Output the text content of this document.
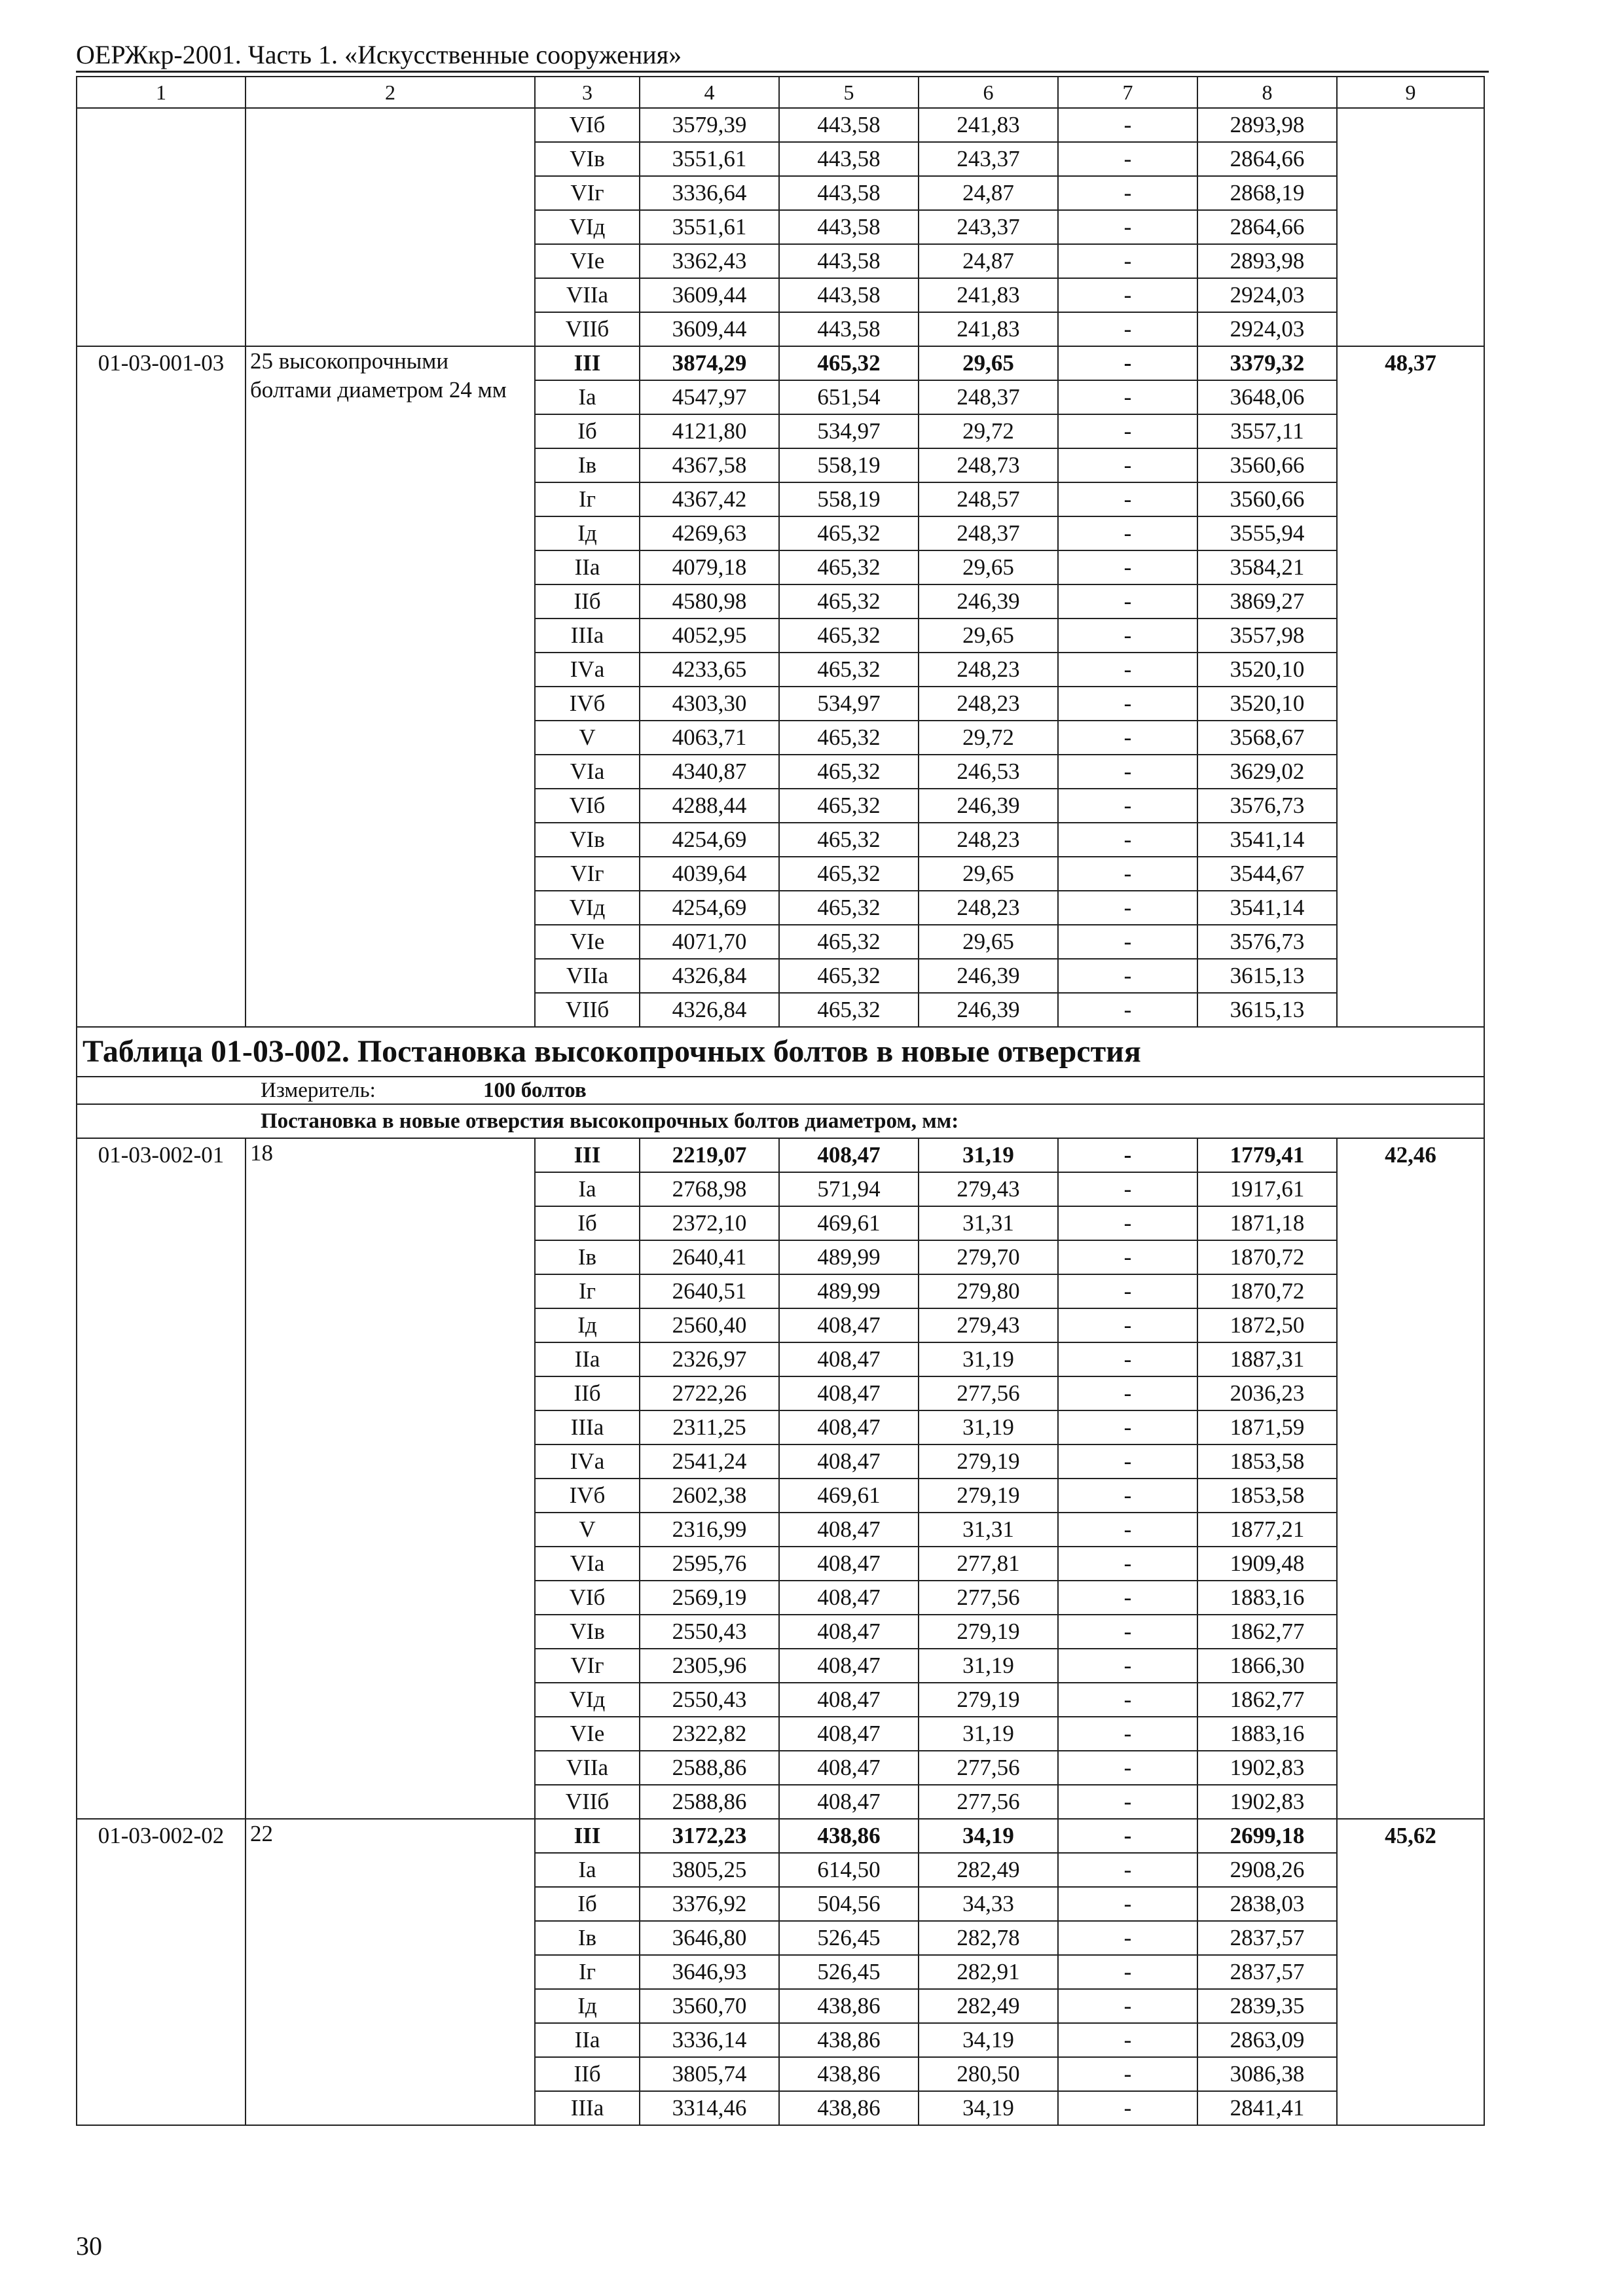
ОЕРЖкр-2001. Часть 1. «Искусственные сооружения»
1	2	3	4	5	6	7	8	9
		VIб	3579,39	443,58	241,83	-	2893,98	
		VIв	3551,61	443,58	243,37	-	2864,66	
		VIг	3336,64	443,58	24,87	-	2868,19	
		VIд	3551,61	443,58	243,37	-	2864,66	
		VIе	3362,43	443,58	24,87	-	2893,98	
		VIIа	3609,44	443,58	241,83	-	2924,03	
		VIIб	3609,44	443,58	241,83	-	2924,03	
01-03-001-03	25 высокопрочными болтами диаметром 24 мм	III	3874,29	465,32	29,65	-	3379,32	48,37
		Iа	4547,97	651,54	248,37	-	3648,06	
		Iб	4121,80	534,97	29,72	-	3557,11	
		Iв	4367,58	558,19	248,73	-	3560,66	
		Iг	4367,42	558,19	248,57	-	3560,66	
		Iд	4269,63	465,32	248,37	-	3555,94	
		IIа	4079,18	465,32	29,65	-	3584,21	
		IIб	4580,98	465,32	246,39	-	3869,27	
		IIIа	4052,95	465,32	29,65	-	3557,98	
		IVа	4233,65	465,32	248,23	-	3520,10	
		IVб	4303,30	534,97	248,23	-	3520,10	
		V	4063,71	465,32	29,72	-	3568,67	
		VIа	4340,87	465,32	246,53	-	3629,02	
		VIб	4288,44	465,32	246,39	-	3576,73	
		VIв	4254,69	465,32	248,23	-	3541,14	
		VIг	4039,64	465,32	29,65	-	3544,67	
		VIд	4254,69	465,32	248,23	-	3541,14	
		VIе	4071,70	465,32	29,65	-	3576,73	
		VIIа	4326,84	465,32	246,39	-	3615,13	
		VIIб	4326,84	465,32	246,39	-	3615,13	
Таблица 01-03-002. Постановка высокопрочных болтов в новые отверстия								
Измеритель: 100 болтов								
Постановка в новые отверстия высокопрочных болтов диаметром, мм:								
01-03-002-01	18	III	2219,07	408,47	31,19	-	1779,41	42,46
		Iа	2768,98	571,94	279,43	-	1917,61	
		Iб	2372,10	469,61	31,31	-	1871,18	
		Iв	2640,41	489,99	279,70	-	1870,72	
		Iг	2640,51	489,99	279,80	-	1870,72	
		Iд	2560,40	408,47	279,43	-	1872,50	
		IIа	2326,97	408,47	31,19	-	1887,31	
		IIб	2722,26	408,47	277,56	-	2036,23	
		IIIа	2311,25	408,47	31,19	-	1871,59	
		IVа	2541,24	408,47	279,19	-	1853,58	
		IVб	2602,38	469,61	279,19	-	1853,58	
		V	2316,99	408,47	31,31	-	1877,21	
		VIа	2595,76	408,47	277,81	-	1909,48	
		VIб	2569,19	408,47	277,56	-	1883,16	
		VIв	2550,43	408,47	279,19	-	1862,77	
		VIг	2305,96	408,47	31,19	-	1866,30	
		VIд	2550,43	408,47	279,19	-	1862,77	
		VIе	2322,82	408,47	31,19	-	1883,16	
		VIIа	2588,86	408,47	277,56	-	1902,83	
		VIIб	2588,86	408,47	277,56	-	1902,83	
01-03-002-02	22	III	3172,23	438,86	34,19	-	2699,18	45,62
		Iа	3805,25	614,50	282,49	-	2908,26	
		Iб	3376,92	504,56	34,33	-	2838,03	
		Iв	3646,80	526,45	282,78	-	2837,57	
		Iг	3646,93	526,45	282,91	-	2837,57	
		Iд	3560,70	438,86	282,49	-	2839,35	
		IIа	3336,14	438,86	34,19	-	2863,09	
		IIб	3805,74	438,86	280,50	-	3086,38	
		IIIа	3314,46	438,86	34,19	-	2841,41	
30
